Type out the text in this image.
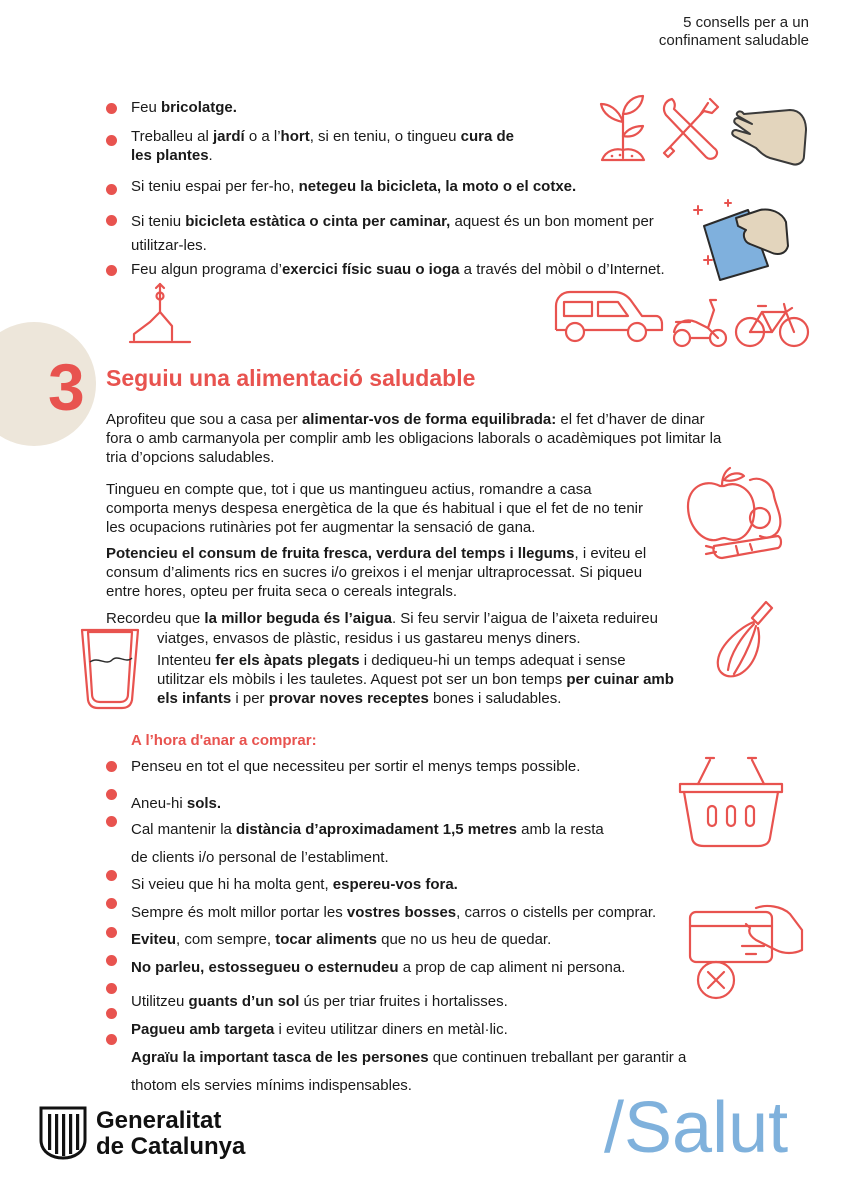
5 consells per a un
confinament saludable
Feu bricolatge.
Treballeu al jardí o a l’hort, si en teniu, o tingueu cura de
les plantes.
Si teniu espai per fer-ho, netegeu la bicicleta, la moto o el cotxe.
Si teniu bicicleta estàtica o cinta per caminar, aquest és un bon moment per
utilitzar-les.
Feu algun programa d’exercici físic suau o ioga a través del mòbil o d’Internet.
3 Seguiu una alimentació saludable
Aprofiteu que sou a casa per alimentar-vos de forma equilibrada: el fet d’haver de dinar
fora o amb carmanyola per complir amb les obligacions laborals o acadèmiques pot limitar la
tria d’opcions saludables.
Tingueu en compte que, tot i que us mantingueu actius, romandre a casa
comporta menys despesa energètica de la que és habitual i que el fet de no tenir
les ocupacions rutinàries pot fer augmentar la sensació de gana.
Potencieu el consum de fruita fresca, verdura del temps i llegums, i eviteu el
consum d’aliments rics en sucres i/o greixos i el menjar ultraprocessat. Si piqueu
entre hores, opteu per fruita seca o cereals integrals.
Recordeu que la millor beguda és l’aigua. Si feu servir l’aigua de l’aixeta reduireu
viatges, envasos de plàstic, residus i us gastareu menys diners.
Intenteu fer els àpats plegats i dediqueu-hi un temps adequat i sense
utilitzar els mòbils i les tauletes. Aquest pot ser un bon temps per cuinar amb
els infants i per provar noves receptes bones i saludables.
A l’hora d'anar a comprar:
Penseu en tot el que necessiteu per sortir el menys temps possible.
Aneu-hi sols.
Cal mantenir la distància d’aproximadament 1,5 metres amb la resta
de clients i/o personal de l’establiment.
Si veieu que hi ha molta gent, espereu-vos fora.
Sempre és molt millor portar les vostres bosses, carros o cistells per comprar.
Eviteu, com sempre, tocar aliments que no us heu de quedar.
No parleu, estossegueu o esternudeu a prop de cap aliment ni persona.
Utilitzeu guants d’un sol ús per triar fruites i hortalisses.
Pagueu amb targeta i eviteu utilitzar diners en metàl·lic.
Agraïu la important tasca de les persones que continuen treballant per garantir a
thotom els servies mínims indispensables.
Generalitat
de Catalunya	/Salut
